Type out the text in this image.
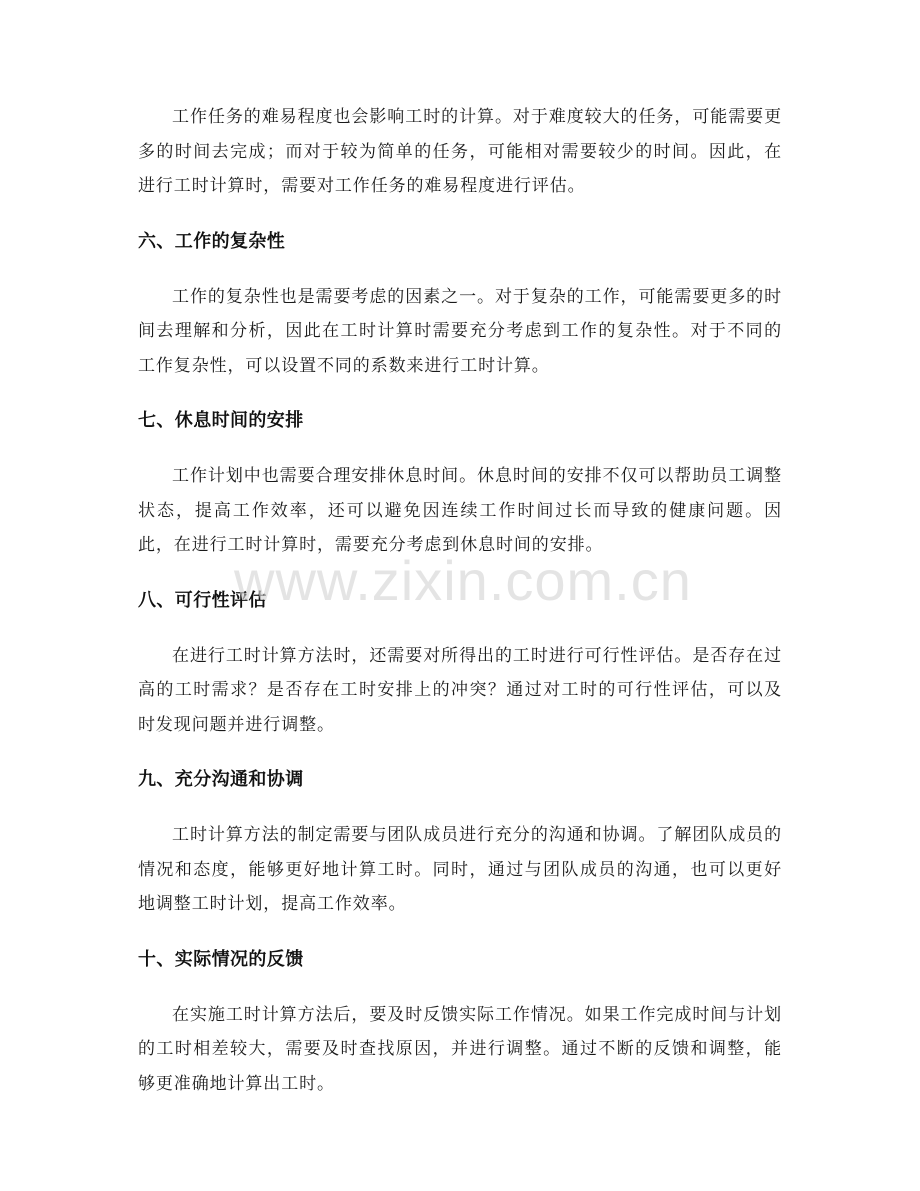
工作任务的难易程度也会影响工时的计算。对于难度较大的任务，可能需要更多的时间去完成；而对于较为简单的任务，可能相对需要较少的时间。因此，在进行工时计算时，需要对工作任务的难易程度进行评估。

六、工作的复杂性

工作的复杂性也是需要考虑的因素之一。对于复杂的工作，可能需要更多的时间去理解和分析，因此在工时计算时需要充分考虑到工作的复杂性。对于不同的工作复杂性，可以设置不同的系数来进行工时计算。

七、休息时间的安排

工作计划中也需要合理安排休息时间。休息时间的安排不仅可以帮助员工调整状态，提高工作效率，还可以避免因连续工作时间过长而导致的健康问题。因此，在进行工时计算时，需要充分考虑到休息时间的安排。

八、可行性评估

在进行工时计算方法时，还需要对所得出的工时进行可行性评估。是否存在过高的工时需求？是否存在工时安排上的冲突？通过对工时的可行性评估，可以及时发现问题并进行调整。

九、充分沟通和协调

工时计算方法的制定需要与团队成员进行充分的沟通和协调。了解团队成员的情况和态度，能够更好地计算工时。同时，通过与团队成员的沟通，也可以更好地调整工时计划，提高工作效率。

十、实际情况的反馈

在实施工时计算方法后，要及时反馈实际工作情况。如果工作完成时间与计划的工时相差较大，需要及时查找原因，并进行调整。通过不断的反馈和调整，能够更准确地计算出工时。

www.zixin.com.cn
